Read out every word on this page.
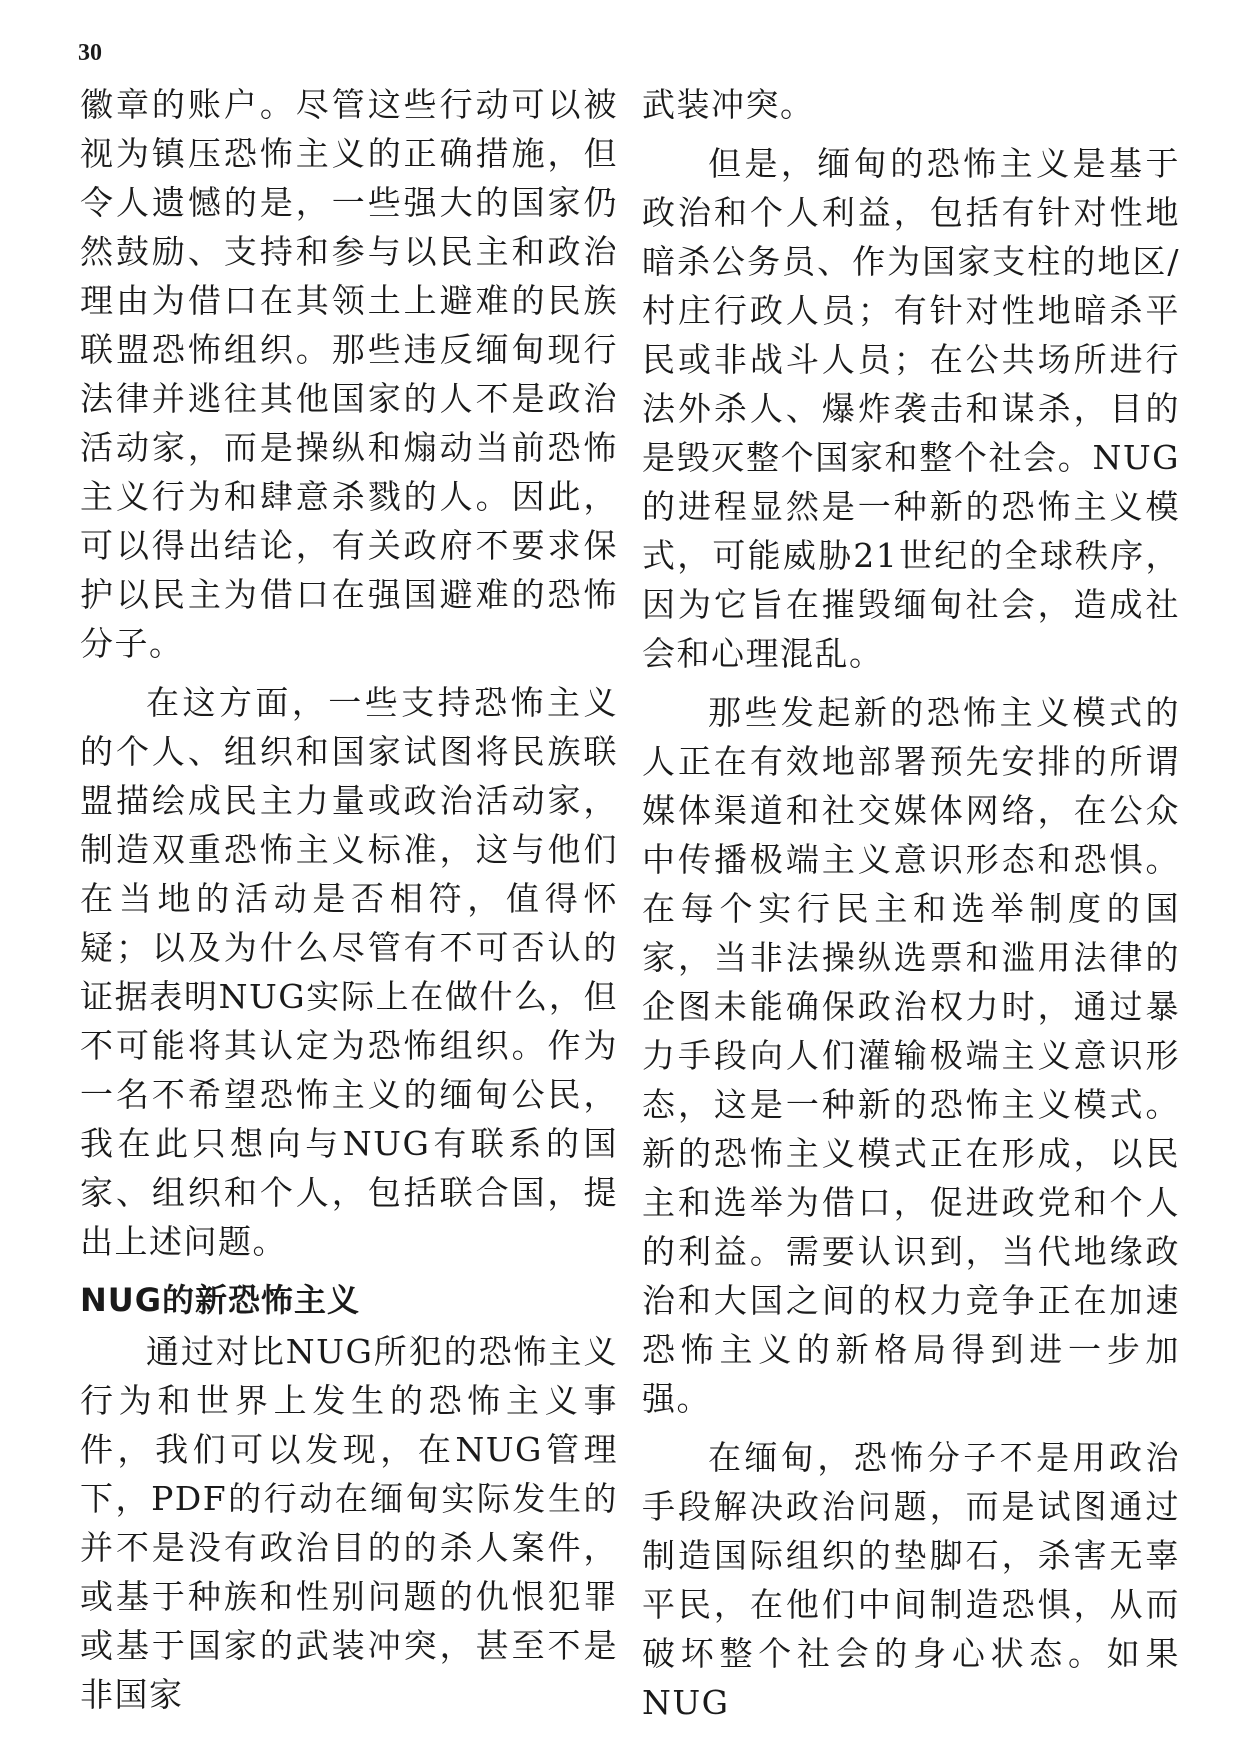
30

徽章的账户。尽管这些行动可以被视为镇压恐怖主义的正确措施，但令人遗憾的是，一些强大的国家仍然鼓励、支持和参与以民主和政治理由为借口在其领土上避难的民族联盟恐怖组织。那些违反缅甸现行法律并逃往其他国家的人不是政治活动家，而是操纵和煽动当前恐怖主义行为和肆意杀戮的人。因此，可以得出结论，有关政府不要求保护以民主为借口在强国避难的恐怖分子。

在这方面，一些支持恐怖主义的个人、组织和国家试图将民族联盟描绘成民主力量或政治活动家，制造双重恐怖主义标准，这与他们在当地的活动是否相符，值得怀疑；以及为什么尽管有不可否认的证据表明NUG实际上在做什么，但不可能将其认定为恐怖组织。作为一名不希望恐怖主义的缅甸公民，我在此只想向与NUG有联系的国家、组织和个人，包括联合国，提出上述问题。

NUG的新恐怖主义

通过对比NUG所犯的恐怖主义行为和世界上发生的恐怖主义事件，我们可以发现，在NUG管理下，PDF的行动在缅甸实际发生的并不是没有政治目的的杀人案件，或基于种族和性别问题的仇恨犯罪或基于国家的武装冲突，甚至不是非国家

武装冲突。

但是，缅甸的恐怖主义是基于政治和个人利益，包括有针对性地暗杀公务员、作为国家支柱的地区/村庄行政人员；有针对性地暗杀平民或非战斗人员；在公共场所进行法外杀人、爆炸袭击和谋杀，目的是毁灭整个国家和整个社会。NUG的进程显然是一种新的恐怖主义模式，可能威胁21世纪的全球秩序，因为它旨在摧毁缅甸社会，造成社会和心理混乱。

那些发起新的恐怖主义模式的人正在有效地部署预先安排的所谓媒体渠道和社交媒体网络，在公众中传播极端主义意识形态和恐惧。在每个实行民主和选举制度的国家，当非法操纵选票和滥用法律的企图未能确保政治权力时，通过暴力手段向人们灌输极端主义意识形态，这是一种新的恐怖主义模式。新的恐怖主义模式正在形成，以民主和选举为借口，促进政党和个人的利益。需要认识到，当代地缘政治和大国之间的权力竞争正在加速恐怖主义的新格局得到进一步加强。

在缅甸，恐怖分子不是用政治手段解决政治问题，而是试图通过制造国际组织的垫脚石，杀害无辜平民，在他们中间制造恐惧，从而破坏整个社会的身心状态。如果NUG
